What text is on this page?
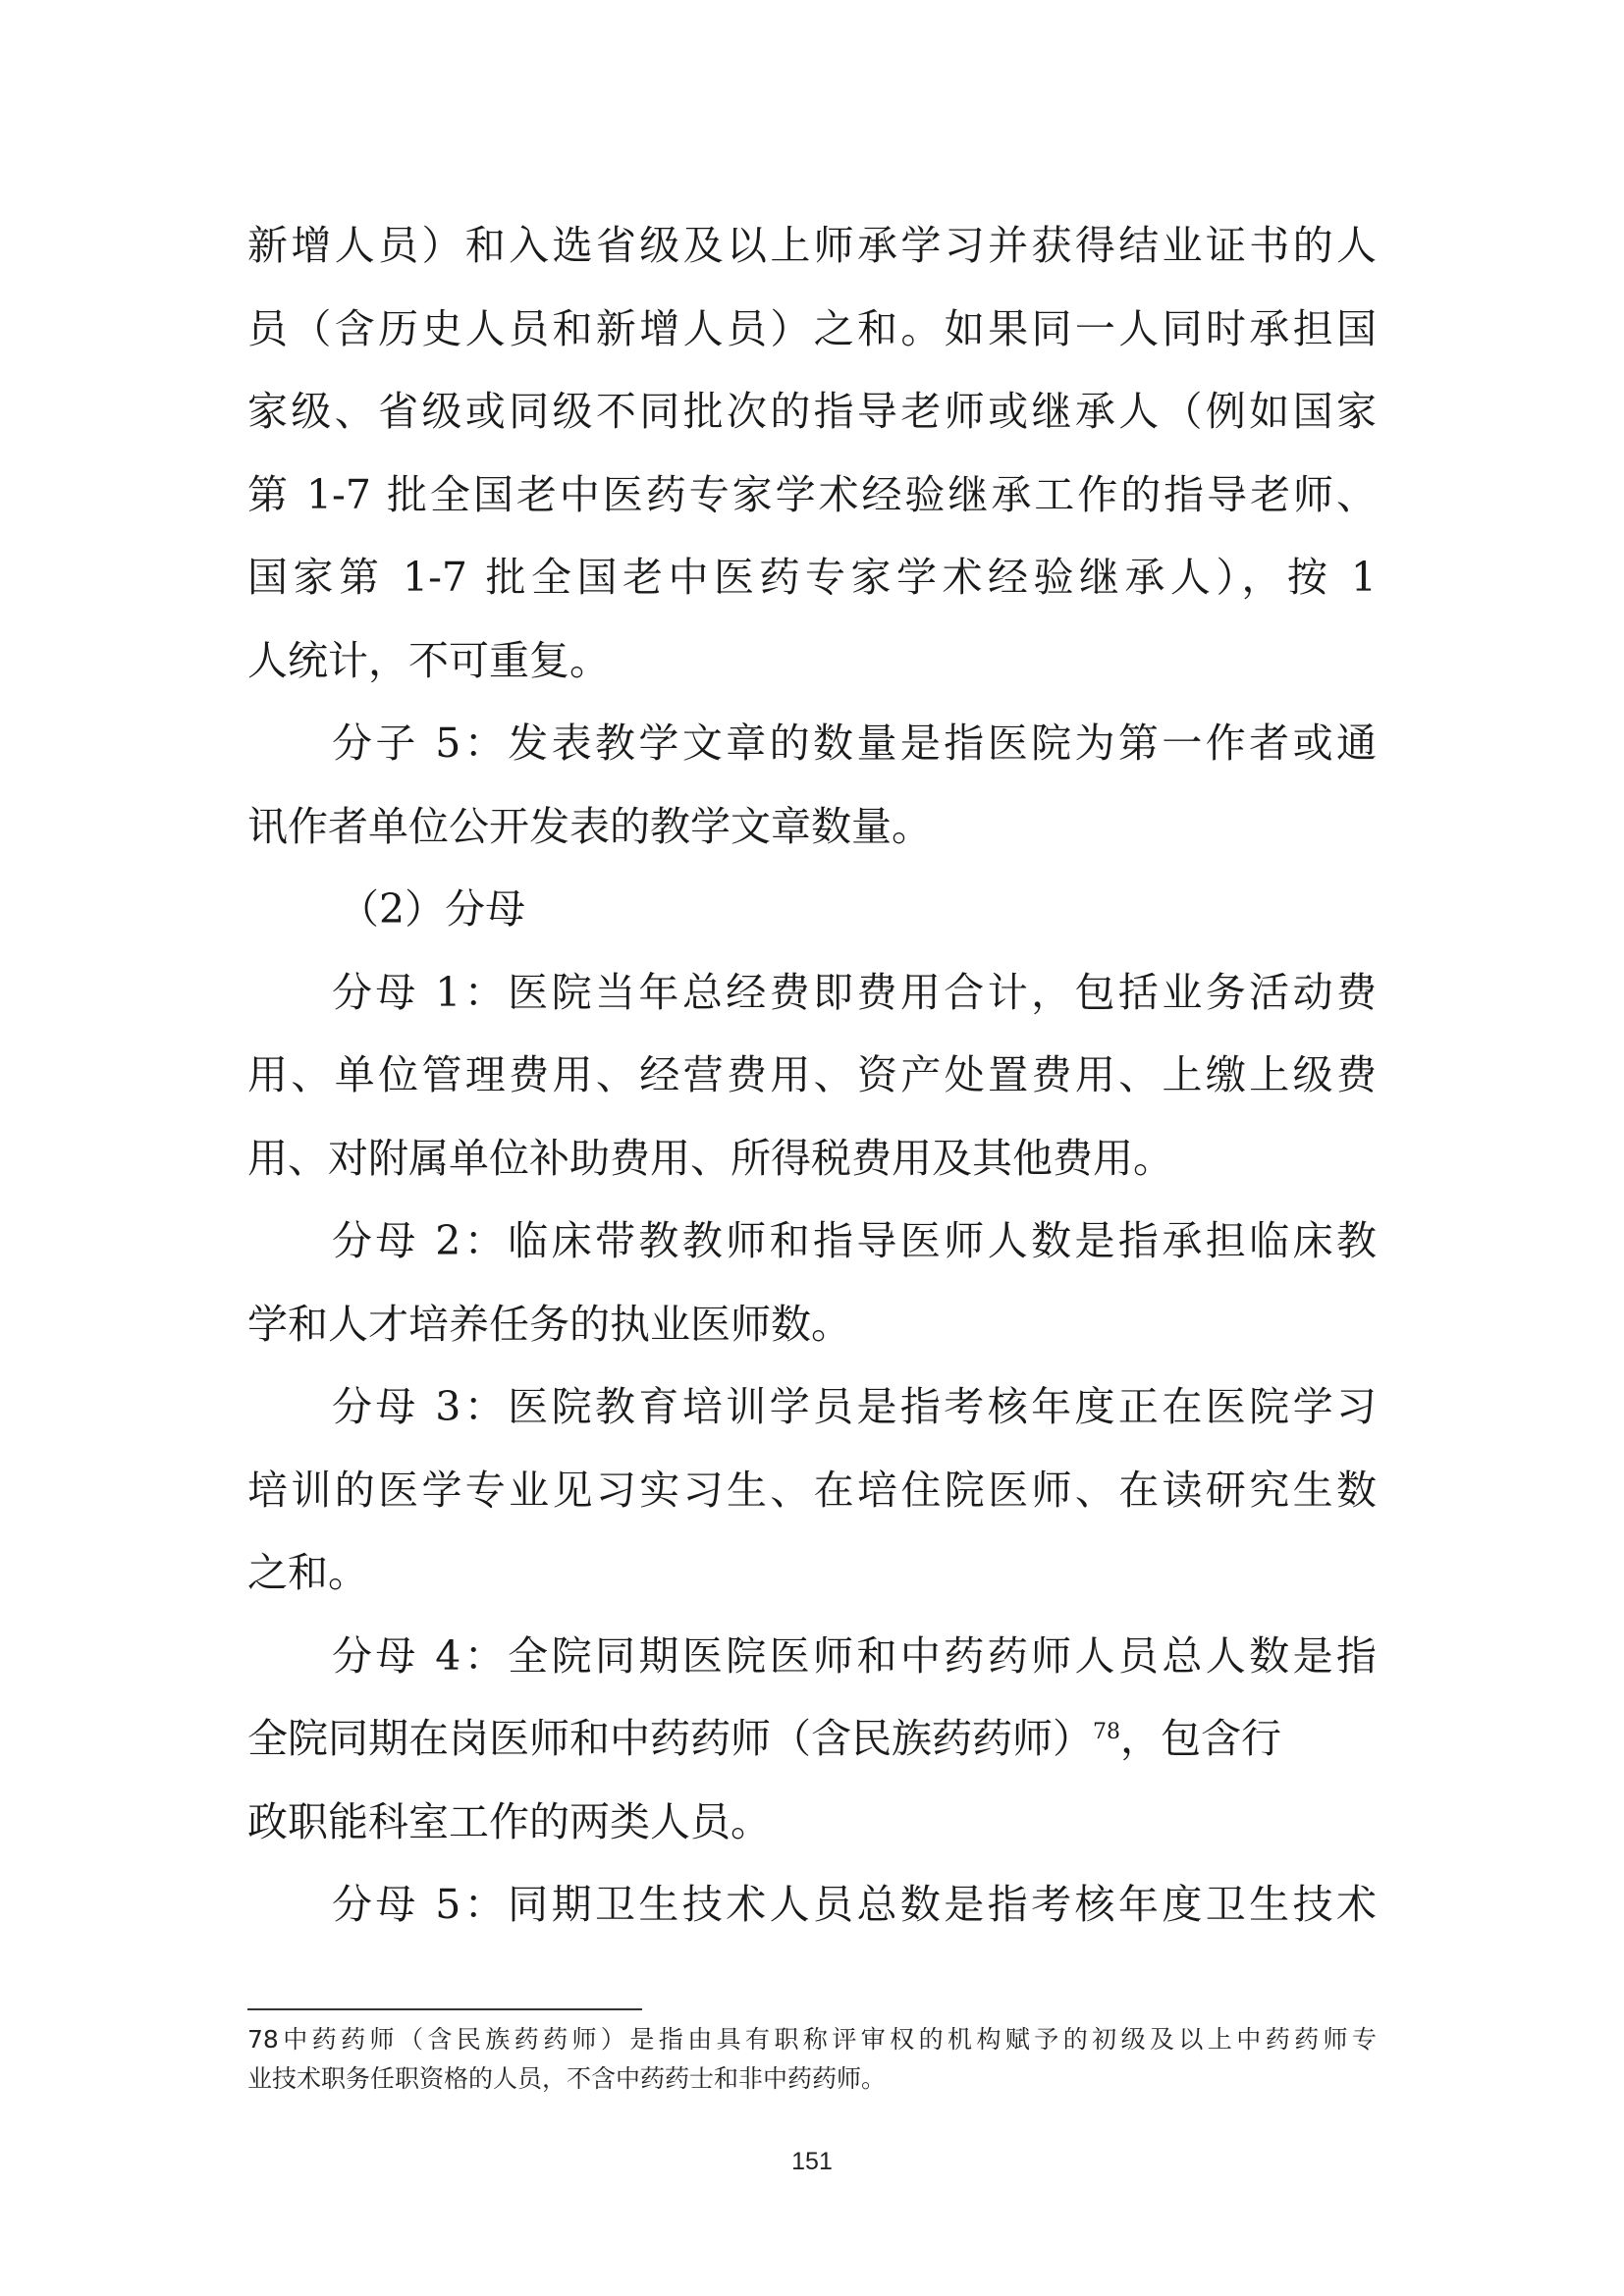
新增人员）和入选省级及以上师承学习并获得结业证书的人
员（含历史人员和新增人员）之和。如果同一人同时承担国
家级、省级或同级不同批次的指导老师或继承人（例如国家
第 1-7 批全国老中医药专家学术经验继承工作的指导老师、
国家第 1-7 批全国老中医药专家学术经验继承人），按 1
人统计，不可重复。
分子 5：发表教学文章的数量是指医院为第一作者或通
讯作者单位公开发表的教学文章数量。
（2）分母
分母 1：医院当年总经费即费用合计，包括业务活动费
用、单位管理费用、经营费用、资产处置费用、上缴上级费
用、对附属单位补助费用、所得税费用及其他费用。
分母 2：临床带教教师和指导医师人数是指承担临床教
学和人才培养任务的执业医师数。
分母 3：医院教育培训学员是指考核年度正在医院学习
培训的医学专业见习实习生、在培住院医师、在读研究生数
之和。
分母 4：全院同期医院医师和中药药师人员总人数是指
全院同期在岗医师和中药药师（含民族药药师）$^{78}$，包含行
政职能科室工作的两类人员。
分母 5：同期卫生技术人员总数是指考核年度卫生技术
78中药药师（含民族药药师）是指由具有职称评审权的机构赋予的初级及以上中药药师专
业技术职务任职资格的人员，不含中药药士和非中药药师。
151
